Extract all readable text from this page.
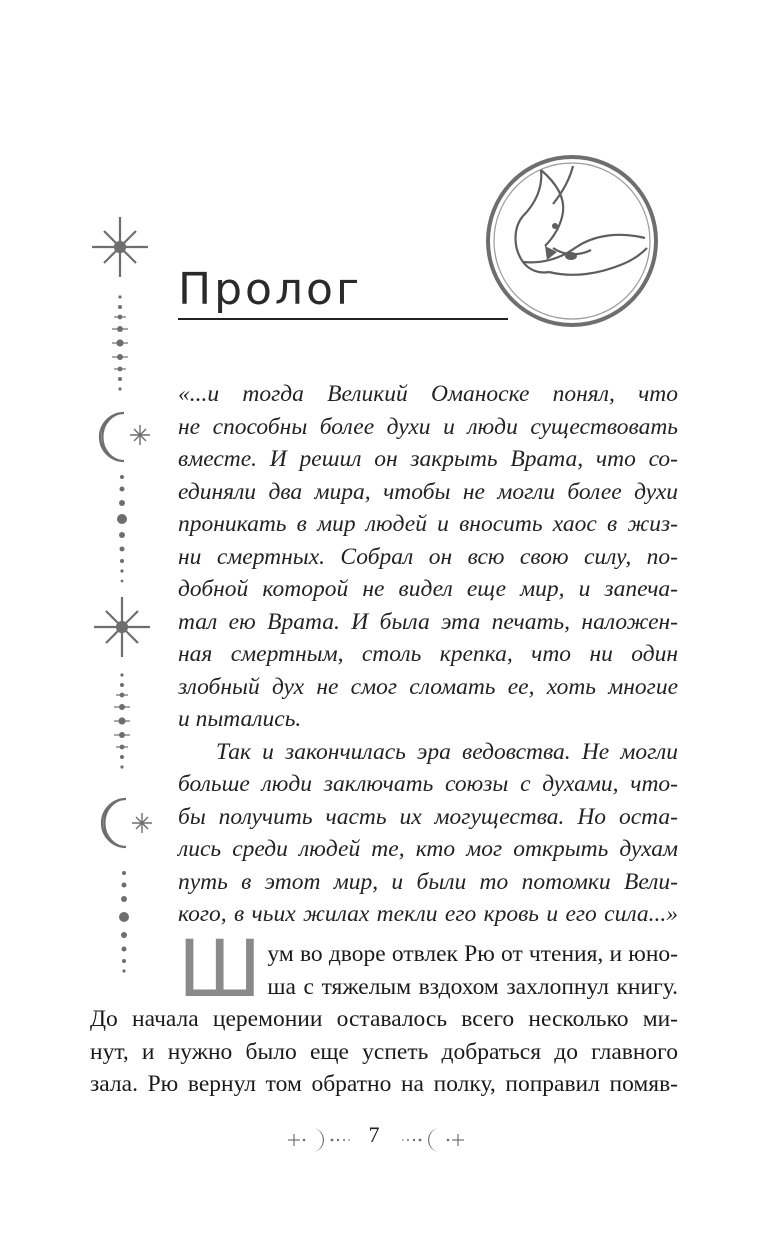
Пролог

«...и тогда Великий Оманоске понял, что
не способны более духи и люди существовать
вместе. И решил он закрыть Врата, что со-
единяли два мира, чтобы не могли более духи
проникать в мир людей и вносить хаос в жиз-
ни смертных. Собрал он всю свою силу, по-
добной которой не видел еще мир, и запеча-
тал ею Врата. И была эта печать, наложен-
ная смертным, столь крепка, что ни один
злобный дух не смог сломать ее, хоть многие
и пытались.

Так и закончилась эра ведовства. Не могли
больше люди заключать союзы с духами, что-
бы получить часть их могущества. Но оста-
лись среди людей те, кто мог открыть духам
путь в этот мир, и были то потомки Вели-
кого, в чьих жилах текли его кровь и его сила...»

Ш ум во дворе отвлек Рю от чтения, и юно-
ша с тяжелым вздохом захлопнул книгу.
До начала церемонии оставалось всего несколько ми-
нут, и нужно было еще успеть добраться до главного
зала. Рю вернул том обратно на полку, поправил помяв-
7
